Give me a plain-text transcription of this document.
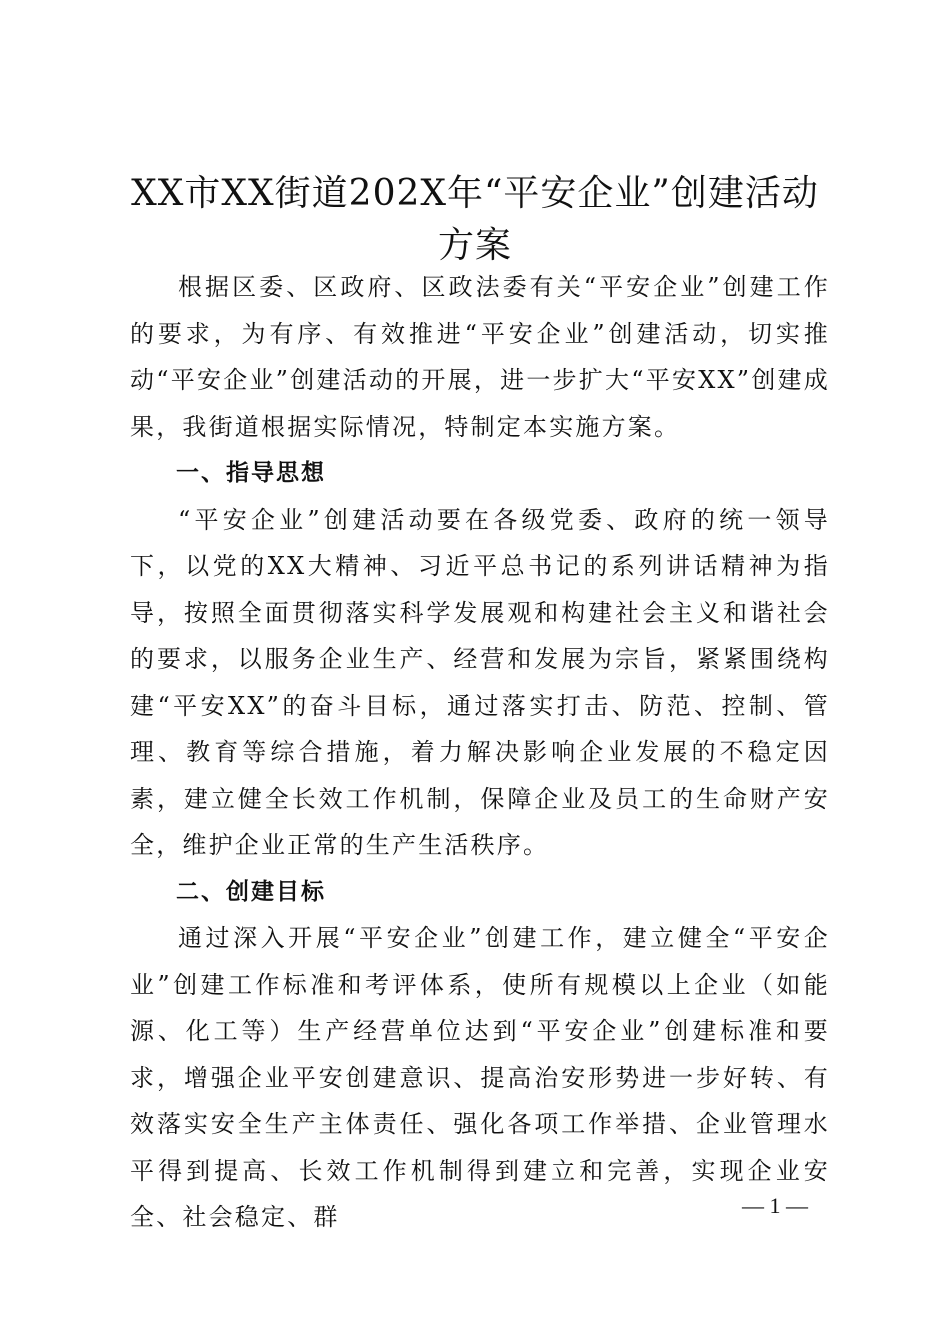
XX市XX街道202X年“平安企业”创建活动方案

根据区委、区政府、区政法委有关“平安企业”创建工作的要求，为有序、有效推进“平安企业”创建活动，切实推动“平安企业”创建活动的开展，进一步扩大“平安XX”创建成果，我街道根据实际情况，特制定本实施方案。

一、指导思想

“平安企业”创建活动要在各级党委、政府的统一领导下，以党的XX大精神、习近平总书记的系列讲话精神为指导，按照全面贯彻落实科学发展观和构建社会主义和谐社会的要求，以服务企业生产、经营和发展为宗旨，紧紧围绕构建“平安XX”的奋斗目标，通过落实打击、防范、控制、管理、教育等综合措施，着力解决影响企业发展的不稳定因素，建立健全长效工作机制，保障企业及员工的生命财产安全，维护企业正常的生产生活秩序。

二、创建目标

通过深入开展“平安企业”创建工作，建立健全“平安企业”创建工作标准和考评体系，使所有规模以上企业（如能源、化工等）生产经营单位达到“平安企业”创建标准和要求，增强企业平安创建意识、提高治安形势进一步好转、有效落实安全生产主体责任、强化各项工作举措、企业管理水平得到提高、长效工作机制得到建立和完善，实现企业安全、社会稳定、群	— 1 —
